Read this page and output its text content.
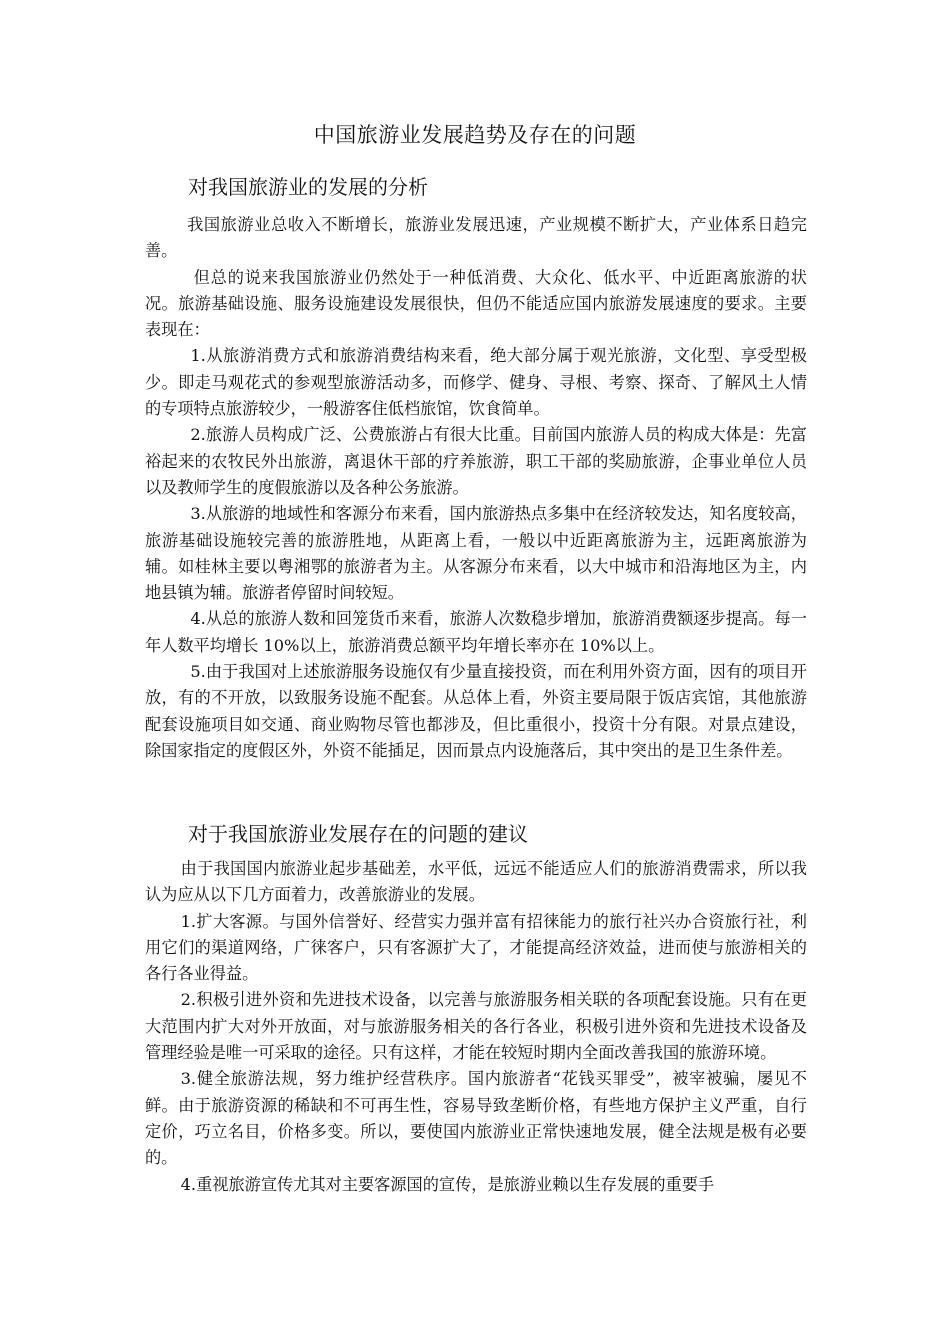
中国旅游业发展趋势及存在的问题
对我国旅游业的发展的分析

我国旅游业总收入不断增长，旅游业发展迅速，产业规模不断扩大，产业体系日趋完善。

但总的说来我国旅游业仍然处于一种低消费、大众化、低水平、中近距离旅游的状况。旅游基础设施、服务设施建设发展很快，但仍不能适应国内旅游发展速度的要求。主要表现在：

1.从旅游消费方式和旅游消费结构来看，绝大部分属于观光旅游，文化型、享受型极少。即走马观花式的参观型旅游活动多，而修学、健身、寻根、考察、探奇、了解风土人情的专项特点旅游较少，一般游客住低档旅馆，饮食简单。

2.旅游人员构成广泛、公费旅游占有很大比重。目前国内旅游人员的构成大体是：先富裕起来的农牧民外出旅游，离退休干部的疗养旅游，职工干部的奖励旅游，企事业单位人员以及教师学生的度假旅游以及各种公务旅游。

3.从旅游的地域性和客源分布来看，国内旅游热点多集中在经济较发达，知名度较高，旅游基础设施较完善的旅游胜地，从距离上看，一般以中近距离旅游为主，远距离旅游为辅。如桂林主要以粤湘鄂的旅游者为主。从客源分布来看，以大中城市和沿海地区为主，内地县镇为辅。旅游者停留时间较短。

4.从总的旅游人数和回笼货币来看，旅游人次数稳步增加，旅游消费额逐步提高。每一年人数平均增长 10%以上，旅游消费总额平均年增长率亦在 10%以上。

5.由于我国对上述旅游服务设施仅有少量直接投资，而在利用外资方面，因有的项目开放，有的不开放，以致服务设施不配套。从总体上看，外资主要局限于饭店宾馆，其他旅游配套设施项目如交通、商业购物尽管也都涉及，但比重很小，投资十分有限。对景点建设，除国家指定的度假区外，外资不能插足，因而景点内设施落后，其中突出的是卫生条件差。

对于我国旅游业发展存在的问题的建议

由于我国国内旅游业起步基础差，水平低，远远不能适应人们的旅游消费需求，所以我认为应从以下几方面着力，改善旅游业的发展。

1.扩大客源。与国外信誉好、经营实力强并富有招徕能力的旅行社兴办合资旅行社，利用它们的渠道网络，广徕客户，只有客源扩大了，才能提高经济效益，进而使与旅游相关的各行各业得益。

2.积极引进外资和先进技术设备，以完善与旅游服务相关联的各项配套设施。只有在更大范围内扩大对外开放面，对与旅游服务相关的各行各业，积极引进外资和先进技术设备及管理经验是唯一可采取的途径。只有这样，才能在较短时期内全面改善我国的旅游环境。

3.健全旅游法规，努力维护经营秩序。国内旅游者“花钱买罪受”，被宰被骗，屡见不鲜。由于旅游资源的稀缺和不可再生性，容易导致垄断价格，有些地方保护主义严重，自行定价，巧立名目，价格多变。所以，要使国内旅游业正常快速地发展，健全法规是极有必要的。

4.重视旅游宣传尤其对主要客源国的宣传，是旅游业赖以生存发展的重要手
